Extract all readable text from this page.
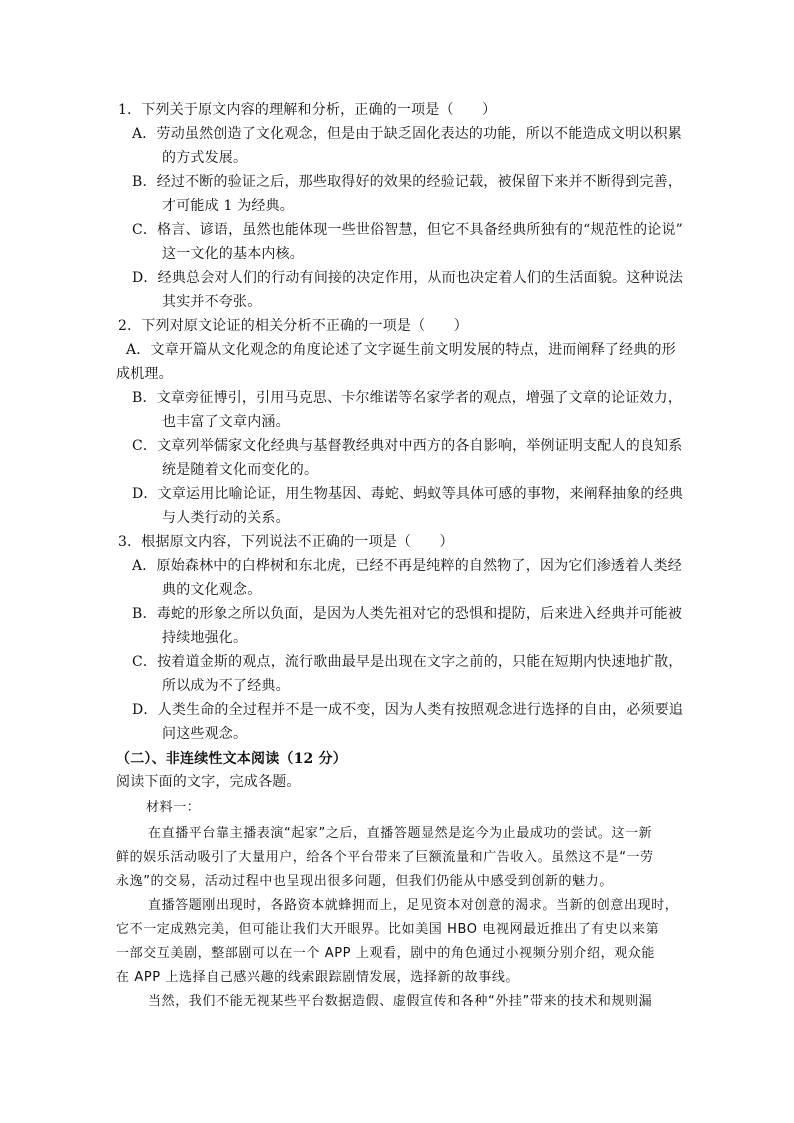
1．下列关于原文内容的理解和分析，正确的一项是（　　）
A．劳动虽然创造了文化观念，但是由于缺乏固化表达的功能，所以不能造成文明以积累
的方式发展。
B．经过不断的验证之后，那些取得好的效果的经验记载，被保留下来并不断得到完善，
才可能成 1 为经典。
C．格言、谚语，虽然也能体现一些世俗智慧，但它不具备经典所独有的“规范性的论说”
这一文化的基本内核。
D．经典总会对人们的行动有间接的决定作用，从而也决定着人们的生活面貌。这种说法
其实并不夸张。
2．下列对原文论证的相关分析不正确的一项是（　　）
A．文章开篇从文化观念的角度论述了文字诞生前文明发展的特点，进而阐释了经典的形
成机理。
B．文章旁征博引，引用马克思、卡尔维诺等名家学者的观点，增强了文章的论证效力，
也丰富了文章内涵。
C．文章列举儒家文化经典与基督教经典对中西方的各自影响，举例证明支配人的良知系
统是随着文化而变化的。
D．文章运用比喻论证，用生物基因、毒蛇、蚂蚁等具体可感的事物，来阐释抽象的经典
与人类行动的关系。
3．根据原文内容，下列说法不正确的一项是（　　）
A．原始森林中的白桦树和东北虎，已经不再是纯粹的自然物了，因为它们渗透着人类经
典的文化观念。
B．毒蛇的形象之所以负面，是因为人类先祖对它的恐惧和提防，后来进入经典并可能被
持续地强化。
C．按着道金斯的观点，流行歌曲最早是出现在文字之前的，只能在短期内快速地扩散，
所以成为不了经典。
D．人类生命的全过程并不是一成不变，因为人类有按照观念进行选择的自由，必须要追
问这些观念。
（二）、非连续性文本阅读（12 分）
阅读下面的文字，完成各题。
材料一：
在直播平台靠主播表演“起家”之后，直播答题显然是迄今为止最成功的尝试。这一新
鲜的娱乐活动吸引了大量用户，给各个平台带来了巨额流量和广告收入。虽然这不是“一劳
永逸”的交易，活动过程中也呈现出很多问题，但我们仍能从中感受到创新的魅力。
直播答题刚出现时，各路资本就蜂拥而上，足见资本对创意的渴求。当新的创意出现时，
它不一定成熟完美，但可能让我们大开眼界。比如美国 HBO 电视网最近推出了有史以来第
一部交互美剧，整部剧可以在一个 APP 上观看，剧中的角色通过小视频分别介绍，观众能
在 APP 上选择自己感兴趣的线索跟踪剧情发展，选择新的故事线。
当然，我们不能无视某些平台数据造假、虚假宣传和各种“外挂”带来的技术和规则漏
